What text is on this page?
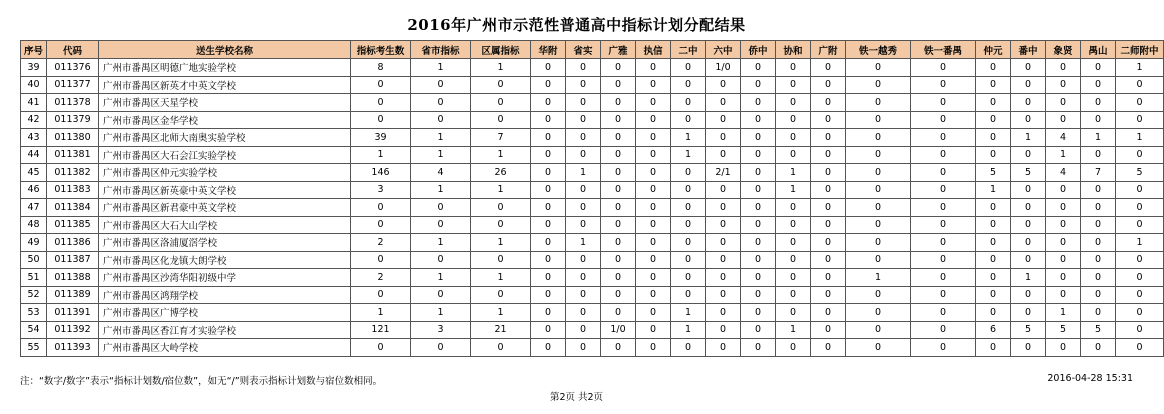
2016年广州市示范性普通高中指标计划分配结果
序号	代码	送生学校名称	指标考生数	省市指标	区属指标	华附	省实	广雅	执信	二中	六中	侨中	协和	广附	铁一越秀	铁一番禺	仲元	番中	象贤	禺山	二师附中
39	011376	广州市番禺区明德广地实验学校	8	1	1	0	0	0	0	0	1/0	0	0	0	0	0	0	0	0	0	1
40	011377	广州市番禺区新英才中英文学校	0	0	0	0	0	0	0	0	0	0	0	0	0	0	0	0	0	0	0
41	011378	广州市番禺区天星学校	0	0	0	0	0	0	0	0	0	0	0	0	0	0	0	0	0	0	0
42	011379	广州市番禺区金华学校	0	0	0	0	0	0	0	0	0	0	0	0	0	0	0	0	0	0	0
43	011380	广州市番禺区北师大南奥实验学校	39	1	7	0	0	0	0	1	0	0	0	0	0	0	0	1	4	1	1
44	011381	广州市番禺区大石会江实验学校	1	1	1	0	0	0	0	1	0	0	0	0	0	0	0	0	1	0	0
45	011382	广州市番禺区仲元实验学校	146	4	26	0	1	0	0	0	2/1	0	1	0	0	0	5	5	4	7	5
46	011383	广州市番禺区新英豪中英文学校	3	1	1	0	0	0	0	0	0	0	1	0	0	0	1	0	0	0	0
47	011384	广州市番禺区新君豪中英文学校	0	0	0	0	0	0	0	0	0	0	0	0	0	0	0	0	0	0	0
48	011385	广州市番禺区大石大山学校	0	0	0	0	0	0	0	0	0	0	0	0	0	0	0	0	0	0	0
49	011386	广州市番禺区洛浦厦滘学校	2	1	1	0	1	0	0	0	0	0	0	0	0	0	0	0	0	0	1
50	011387	广州市番禺区化龙镇大朗学校	0	0	0	0	0	0	0	0	0	0	0	0	0	0	0	0	0	0	0
51	011388	广州市番禺区沙湾华阳初级中学	2	1	1	0	0	0	0	0	0	0	0	0	1	0	0	1	0	0	0
52	011389	广州市番禺区鸿翔学校	0	0	0	0	0	0	0	0	0	0	0	0	0	0	0	0	0	0	0
53	011391	广州市番禺区广博学校	1	1	1	0	0	0	0	1	0	0	0	0	0	0	0	0	1	0	0
54	011392	广州市番禺区香江育才实验学校	121	3	21	0	0	1/0	0	1	0	0	1	0	0	0	6	5	5	5	0
55	011393	广州市番禺区大岭学校	0	0	0	0	0	0	0	0	0	0	0	0	0	0	0	0	0	0	0
注：“数字/数字”表示“指标计划数/宿位数”，如无“/”则表示指标计划数与宿位数相同。	2016-04-28 15:31
第2页 共2页
